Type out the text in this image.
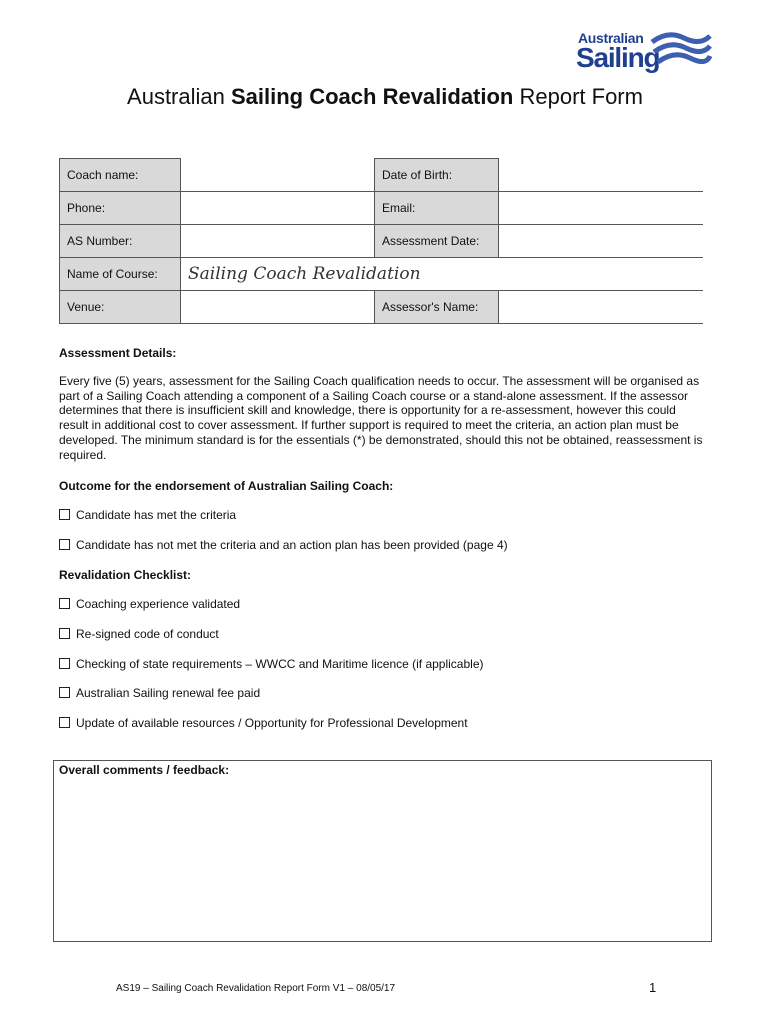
Australian
Sailing
Australian Sailing Coach Revalidation Report Form
Coach name:		Date of Birth:	
Phone:		Email:	
AS Number:		Assessment Date:	
Name of Course:	Sailing Coach Revalidation		
Venue:		Assessor's Name:	
Assessment Details:
Every five (5) years, assessment for the Sailing Coach qualification needs to occur. The assessment will be organised as part of a Sailing Coach attending a component of a Sailing Coach course or a stand-alone assessment. If the assessor determines that there is insufficient skill and knowledge, there is opportunity for a re-assessment, however this could result in additional cost to cover assessment. If further support is required to meet the criteria, an action plan must be developed. The minimum standard is for the essentials (*) be demonstrated, should this not be obtained, reassessment is required.
Outcome for the endorsement of Australian Sailing Coach:
Candidate has met the criteria
Candidate has not met the criteria and an action plan has been provided (page 4)
Revalidation Checklist:
Coaching experience validated
Re-signed code of conduct
Checking of state requirements – WWCC and Maritime licence (if applicable)
Australian Sailing renewal fee paid
Update of available resources / Opportunity for Professional Development
Overall comments / feedback:
AS19 – Sailing Coach Revalidation Report Form V1 – 08/05/17	1
